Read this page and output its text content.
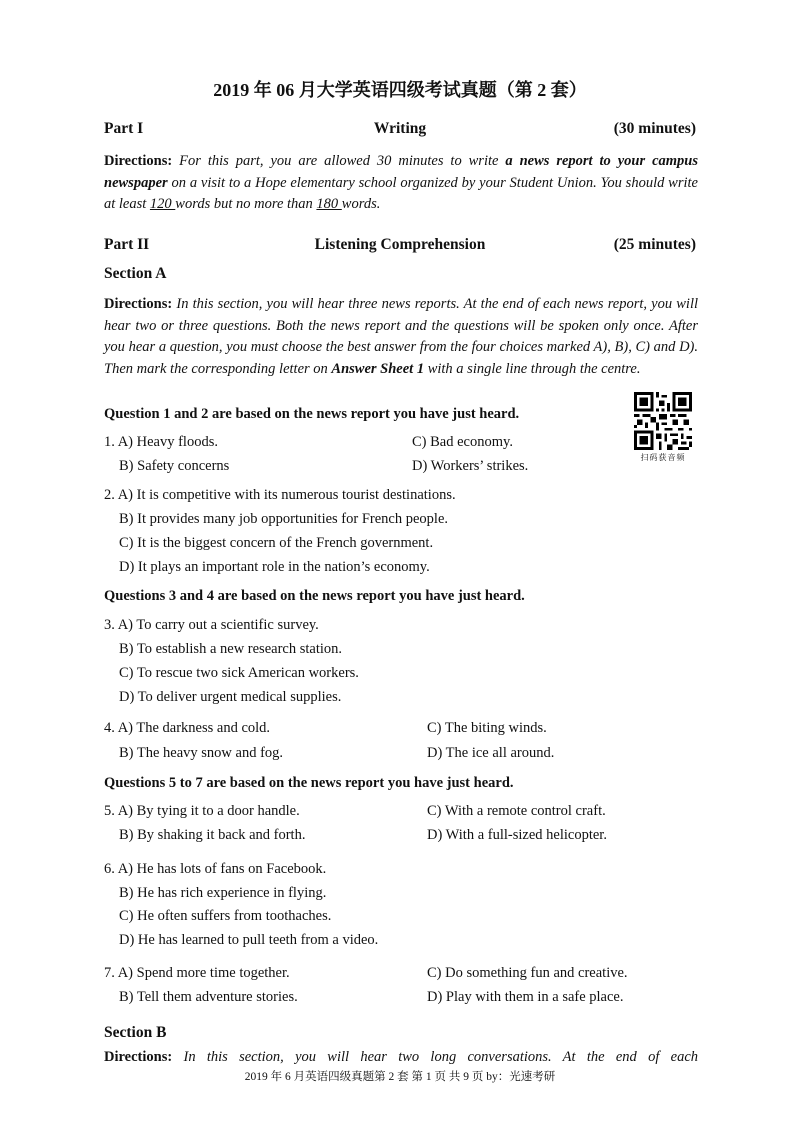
2019 年 06 月大学英语四级考试真题（第 2 套）
Part I	Writing	(30 minutes)
Directions: For this part, you are allowed 30 minutes to write a news report to your campus newspaper on a visit to a Hope elementary school organized by your Student Union. You should write at least 120 words but no more than 180 words.
Part II	Listening Comprehension	(25 minutes)
Section A
Directions: In this section, you will hear three news reports. At the end of each news report, you will hear two or three questions. Both the news report and the questions will be spoken only once. After you hear a question, you must choose the best answer from the four choices marked A), B), C) and D). Then mark the corresponding letter on Answer Sheet 1 with a single line through the centre.
扫码获音频
Question 1 and 2 are based on the news report you have just heard.
1. A) Heavy floods.	C) Bad economy.
B) Safety concerns	D) Workers’ strikes.
2. A) It is competitive with its numerous tourist destinations.
B) It provides many job opportunities for French people.
C) It is the biggest concern of the French government.
D) It plays an important role in the nation’s economy.
Questions 3 and 4 are based on the news report you have just heard.
3. A) To carry out a scientific survey.
B) To establish a new research station.
C) To rescue two sick American workers.
D) To deliver urgent medical supplies.
4. A) The darkness and cold.	C) The biting winds.
B) The heavy snow and fog.	D) The ice all around.
Questions 5 to 7 are based on the news report you have just heard.
5. A) By tying it to a door handle.	C) With a remote control craft.
B) By shaking it back and forth.	D) With a full-sized helicopter.
6. A) He has lots of fans on Facebook.
B) He has rich experience in flying.
C) He often suffers from toothaches.
D) He has learned to pull teeth from a video.
7. A) Spend more time together.	C) Do something fun and creative.
B) Tell them adventure stories.	D) Play with them in a safe place.
Section B
Directions: In this section, you will hear two long conversations. At the end of each
2019 年 6 月英语四级真题第 2 套 第 1 页 共 9 页 by：光速考研
